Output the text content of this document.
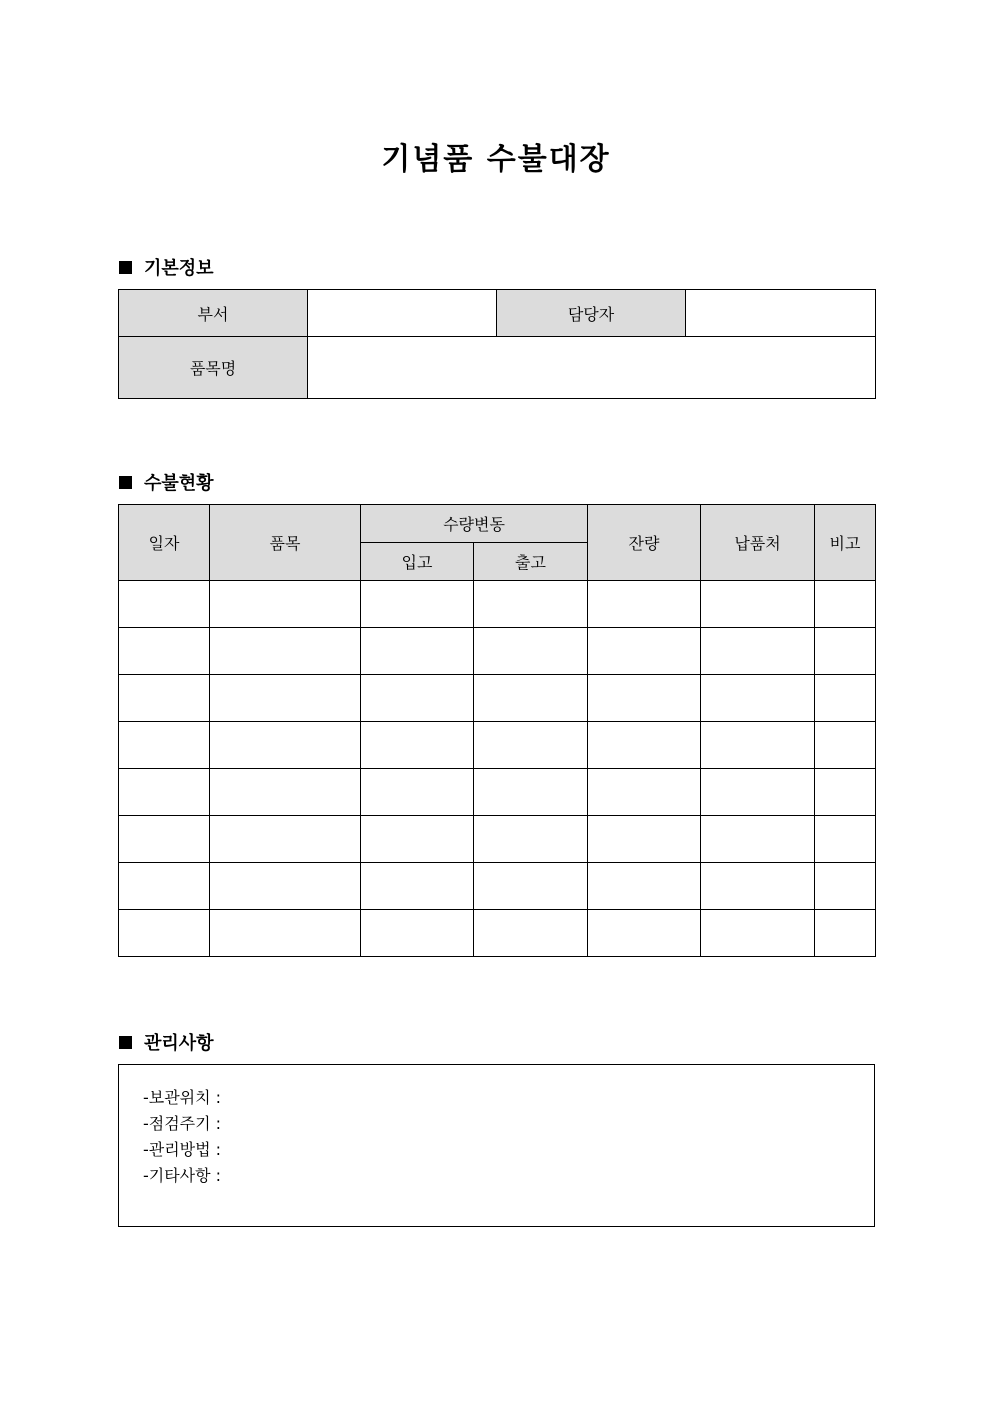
기념품 수불대장
기본정보
부서		담당자	
품목명			
수불현황
일자	품목	수량변동		잔량	납품처	비고
		입고	출고			

관리사항
-보관위치 :
-점검주기 :
-관리방법 :
-기타사항 :
